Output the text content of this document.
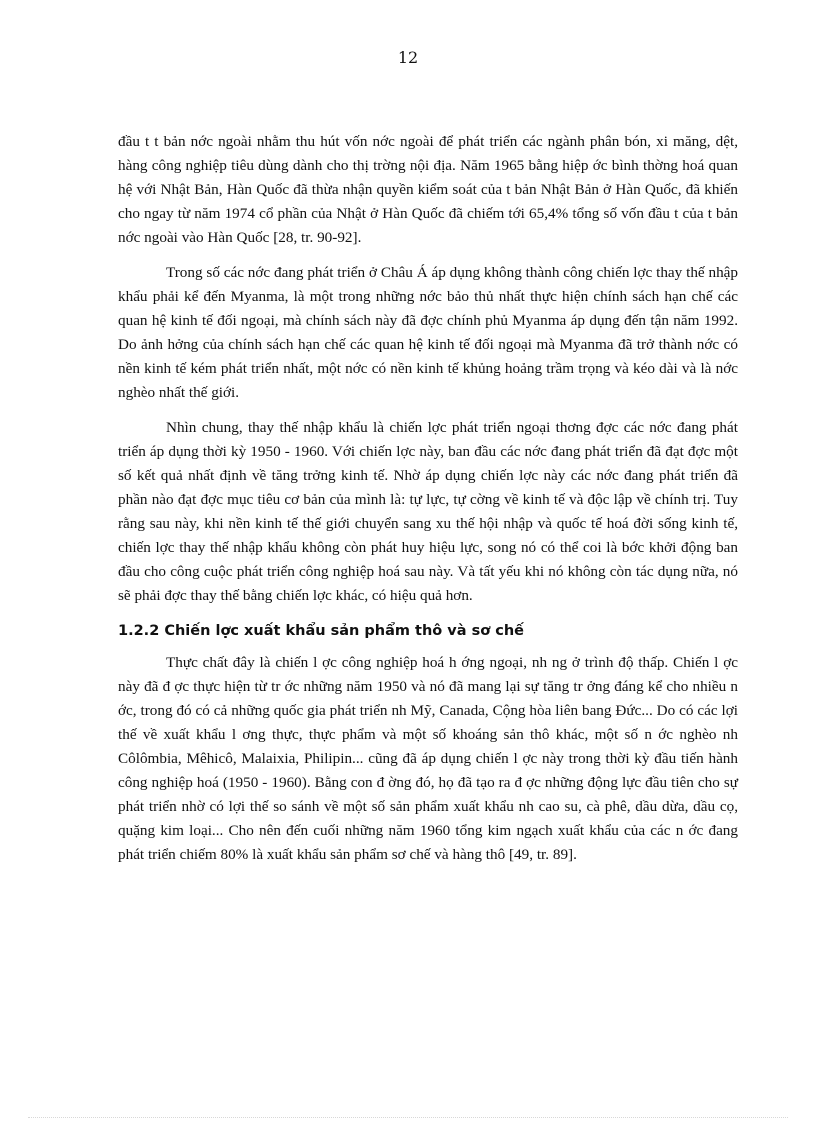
12

đầu t t bản nớc ngoài nhằm thu hút vốn nớc ngoài để phát triển các ngành phân bón, xi măng, dệt, hàng công nghiệp tiêu dùng dành cho thị trờng nội địa. Năm 1965 bằng hiệp ớc bình thờng hoá quan hệ với Nhật Bản, Hàn Quốc đã thừa nhận quyền kiểm soát của t bản Nhật Bản ở Hàn Quốc, đã khiến cho ngay từ năm 1974 cổ phần của Nhật ở Hàn Quốc đã chiếm tới 65,4% tổng số vốn đầu t của t bản nớc ngoài vào Hàn Quốc [28, tr. 90-92].

Trong số các nớc đang phát triển ở Châu Á áp dụng không thành công chiến lợc thay thế nhập khẩu phải kể đến Myanma, là một trong những nớc bảo thủ nhất thực hiện chính sách hạn chế các quan hệ kinh tế đối ngoại, mà chính sách này đã đợc chính phủ Myanma áp dụng đến tận năm 1992. Do ảnh hởng của chính sách hạn chế các quan hệ kinh tế đối ngoại mà Myanma đã trở thành nớc có nền kinh tế kém phát triển nhất, một nớc có nền kinh tế khủng hoảng trầm trọng và kéo dài và là nớc nghèo nhất thế giới.

Nhìn chung, thay thế nhập khẩu là chiến lợc phát triển ngoại thơng đợc các nớc đang phát triển áp dụng thời kỳ 1950 - 1960. Với chiến lợc này, ban đầu các nớc đang phát triển đã đạt đợc một số kết quả nhất định về tăng trởng kinh tế. Nhờ áp dụng chiến lợc này các nớc đang phát triển đã phần nào đạt đợc mục tiêu cơ bản của mình là: tự lực, tự cờng về kinh tế và độc lập về chính trị. Tuy rằng sau này, khi nền kinh tế thế giới chuyển sang xu thế hội nhập và quốc tế hoá đời sống kinh tế, chiến lợc thay thế nhập khẩu không còn phát huy hiệu lực, song nó có thể coi là bớc khởi động ban đầu cho công cuộc phát triển công nghiệp hoá sau này. Và tất yếu khi nó không còn tác dụng nữa, nó sẽ phải đợc thay thế bằng chiến lợc khác, có hiệu quả hơn.

1.2.2 Chiến lợc xuất khẩu sản phẩm thô và sơ chế

Thực chất đây là chiến l ợc công nghiệp hoá h ớng ngoại, nh ng ở trình độ thấp. Chiến l ợc này đã đ ợc thực hiện từ tr ớc những năm 1950 và nó đã mang lại sự tăng tr ởng đáng kể cho nhiều n ớc, trong đó có cả những quốc gia phát triển nh Mỹ, Canada, Cộng hòa liên bang Đức... Do có các lợi thế về xuất khẩu l ơng thực, thực phẩm và một số khoáng sản thô khác, một số n ớc nghèo nh Côlômbia, Mêhicô, Malaixia, Philipin... cũng đã áp dụng chiến l ợc này trong thời kỳ đầu tiến hành công nghiệp hoá (1950 - 1960). Bằng con đ ờng đó, họ đã tạo ra đ ợc những động lực đầu tiên cho sự phát triển nhờ có lợi thế so sánh về một số sản phẩm xuất khẩu nh cao su, cà phê, dầu dừa, dầu cọ, quặng kim loại... Cho nên đến cuối những năm 1960 tổng kim ngạch xuất khẩu của các n ớc đang phát triển chiếm 80% là xuất khẩu sản phẩm sơ chế và hàng thô [49, tr. 89].
